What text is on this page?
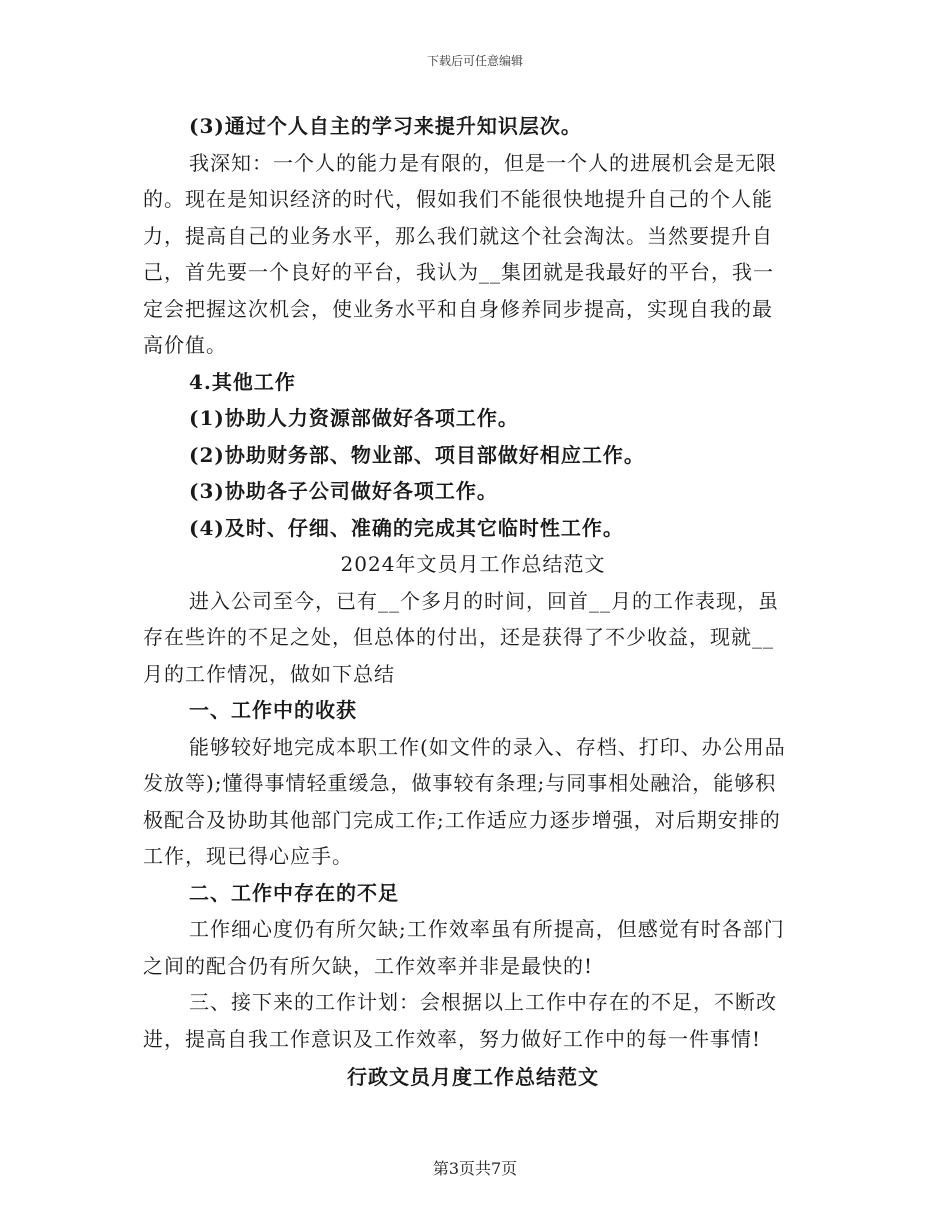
下载后可任意编辑
(3)通过个人自主的学习来提升知识层次。
我深知：一个人的能力是有限的，但是一个人的进展机会是无限
的。现在是知识经济的时代，假如我们不能很快地提升自己的个人能
力，提高自己的业务水平，那么我们就这个社会淘汰。当然要提升自
己，首先要一个良好的平台，我认为__集团就是我最好的平台，我一
定会把握这次机会，使业务水平和自身修养同步提高，实现自我的最
高价值。
4.其他工作
(1)协助人力资源部做好各项工作。
(2)协助财务部、物业部、项目部做好相应工作。
(3)协助各子公司做好各项工作。
(4)及时、仔细、准确的完成其它临时性工作。
2024年文员月工作总结范文
进入公司至今，已有__个多月的时间，回首__月的工作表现，虽
存在些许的不足之处，但总体的付出，还是获得了不少收益，现就__
月的工作情况，做如下总结
一、工作中的收获
能够较好地完成本职工作(如文件的录入、存档、打印、办公用品
发放等);懂得事情轻重缓急，做事较有条理;与同事相处融洽，能够积
极配合及协助其他部门完成工作;工作适应力逐步增强，对后期安排的
工作，现已得心应手。
二、工作中存在的不足
工作细心度仍有所欠缺;工作效率虽有所提高，但感觉有时各部门
之间的配合仍有所欠缺，工作效率并非是最快的!
三、接下来的工作计划：会根据以上工作中存在的不足，不断改
进，提高自我工作意识及工作效率，努力做好工作中的每一件事情!
行政文员月度工作总结范文
第3页共7页
